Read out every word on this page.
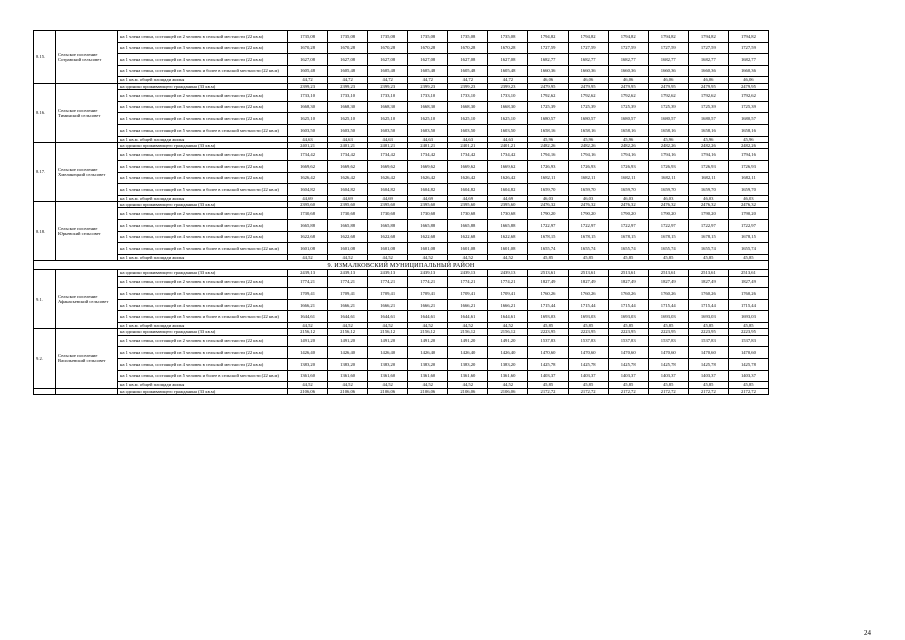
8.15.	Сельское поселение Сотравский сельсовет	на 1 члена семьи, состоящей из 2 человек в сельской местности (22 кв.м)	1735,08	1735,08	1735,08	1735,08	1735,08	1735,08	1794,82	1794,82	1794,82	1794,82	1794,82	1794,82
		на 1 члена семьи, состоящей из 3 человек в сельской местности (22 кв.м)	1670,28	1670,28	1670,28	1670,28	1670,28	1670,28	1727,59	1727,59	1727,59	1727,59	1727,59	1727,59
		на 1 члена семьи, состоящей из 4 человек в сельской местности (22 кв.м)	1627,08	1627,08	1627,08	1627,08	1627,08	1627,08	1682,77	1682,77	1682,77	1682,77	1682,77	1682,77
		на 1 члена семьи, состоящей из 5 человек и более в сельской местности (22 кв.м)	1605,48	1605,48	1605,48	1605,48	1605,48	1605,48	1660,36	1660,36	1660,36	1660,36	1660,36	1660,36
		на 1 кв.м. общей площади жилья	44,72	44,72	44,72	44,72	44,72	44,72	46,06	46,06	46,06	46,06	46,06	46,06
8.16.	Сельское поселение Тиминский сельсовет	на одиноко проживающего гражданина (33 кв.м)	2399,23	2399,23	2399,23	2399,23	2399,23	2399,23	2479,95	2479,95	2479,95	2479,95	2479,95	2479,95
		на 1 члена семьи, состоящей из 2 человек в сельской местности (22 кв.м)	1733,10	1733,10	1733,10	1733,10	1733,10	1733,10	1792,62	1792,62	1792,62	1792,62	1792,62	1792,62
		на 1 члена семьи, состоящей из 3 человек в сельской местности (22 кв.м)	1668,30	1668,30	1668,30	1668,30	1668,30	1668,30	1725,39	1725,39	1725,39	1725,39	1725,39	1725,39
		на 1 члена семьи, состоящей из 4 человек в сельской местности (22 кв.м)	1625,10	1625,10	1625,10	1625,10	1625,10	1625,10	1680,57	1680,57	1680,57	1680,57	1680,57	1680,57
		на 1 члена семьи, состоящей из 5 человек и более в сельской местности (22 кв.м)	1603,50	1603,50	1603,50	1603,50	1603,50	1603,50	1658,16	1658,16	1658,16	1658,16	1658,16	1658,16
		на 1 кв.м. общей площади жилья	44,63	44,63	44,63	44,63	44,63	44,63	45,96	45,96	45,96	45,96	45,96	45,96
8.17.	Сельское поселение Хмелинецкий сельсовет	на одиноко проживающего гражданина (33 кв.м)	2401,21	2401,21	2401,21	2401,21	2401,21	2401,21	2482,26	2482,26	2482,26	2482,26	2482,26	2482,26
		на 1 члена семьи, состоящей из 2 человек в сельской местности (22 кв.м)	1734,42	1734,42	1734,42	1734,42	1734,42	1734,42	1794,16	1794,16	1794,16	1794,16	1794,16	1794,16
		на 1 члена семьи, состоящей из 3 человек в сельской местности (22 кв.м)	1669,62	1669,62	1669,62	1669,62	1669,62	1669,62	1726,93	1726,93	1726,93	1726,93	1726,93	1726,93
		на 1 члена семьи, состоящей из 4 человек в сельской местности (22 кв.м)	1626,42	1626,42	1626,42	1626,42	1626,42	1626,42	1682,11	1682,11	1682,11	1682,11	1682,11	1682,11
		на 1 члена семьи, состоящей из 5 человек и более в сельской местности (22 кв.м)	1604,82	1604,82	1604,82	1604,82	1604,82	1604,82	1659,70	1659,70	1659,70	1659,70	1659,70	1659,70
		на 1 кв.м. общей площади жилья	44,69	44,69	44,69	44,69	44,69	44,69	46,03	46,03	46,03	46,03	46,03	46,03
8.18.	Сельское поселение Юрьевский сельсовет	на одиноко проживающего гражданина (33 кв.м)	2395,60	2395,60	2395,60	2395,60	2395,60	2395,60	2476,32	2476,32	2476,32	2476,32	2476,32	2476,32
		на 1 члена семьи, состоящей из 2 человек в сельской местности (22 кв.м)	1730,68	1730,68	1730,68	1730,68	1730,68	1730,68	1790,20	1790,20	1790,20	1790,20	1790,20	1790,20
		на 1 члена семьи, состоящей из 3 человек в сельской местности (22 кв.м)	1665,88	1665,88	1665,88	1665,88	1665,88	1665,88	1722,97	1722,97	1722,97	1722,97	1722,97	1722,97
		на 1 члена семьи, состоящей из 4 человек в сельской местности (22 кв.м)	1622,68	1622,68	1622,68	1622,68	1622,68	1622,68	1678,15	1678,15	1678,15	1678,15	1678,15	1678,15
		на 1 члена семьи, состоящей из 5 человек и более в сельской местности (22 кв.м)	1601,08	1601,08	1601,08	1601,08	1601,08	1601,08	1655,74	1655,74	1655,74	1655,74	1655,74	1655,74
		на 1 кв.м. общей площади жилья	44,52	44,52	44,52	44,52	44,52	44,52	45,85	45,85	45,85	45,85	45,85	45,85
9. ИЗМАЛКОВСКИЙ МУНИЦИПАЛЬНЫЙ РАЙОН														
9.1.	Сельское поселение Афанасьевский сельсовет	на одиноко проживающего гражданина (33 кв.м)	2439,13	2439,13	2439,13	2439,13	2439,13	2439,13	2513,61	2513,61	2513,61	2513,61	2513,61	2513,61
		на 1 члена семьи, состоящей из 2 человек в сельской местности (22 кв.м)	1774,21	1774,21	1774,21	1774,21	1774,21	1774,21	1827,49	1827,49	1827,49	1827,49	1827,49	1827,49
		на 1 члена семьи, состоящей из 3 человек в сельской местности (22 кв.м)	1709,41	1709,41	1709,41	1709,41	1709,41	1709,41	1760,26	1760,26	1760,26	1760,26	1760,26	1760,26
		на 1 члена семьи, состоящей из 4 человек в сельской местности (22 кв.м)	1666,21	1666,21	1666,21	1666,21	1666,21	1666,21	1715,44	1715,44	1715,44	1715,44	1715,44	1715,44
		на 1 члена семьи, состоящей из 5 человек и более в сельской местности (22 кв.м)	1644,61	1644,61	1644,61	1644,61	1644,61	1644,61	1693,03	1693,03	1693,03	1693,03	1693,03	1693,03
		на 1 кв.м. общей площади жилья	44,52	44,52	44,52	44,52	44,52	44,52	45,85	45,85	45,85	45,85	45,85	45,85
9.2.	Сельское поселение Васильевский сельсовет	на одиноко проживающего гражданина (33 кв.м)	2156,12	2156,12	2156,12	2156,12	2156,12	2156,12	2223,95	2223,95	2223,95	2223,95	2223,95	2223,95
		на 1 члена семьи, состоящей из 2 человек в сельской местности (22 кв.м)	1491,20	1491,20	1491,20	1491,20	1491,20	1491,20	1537,83	1537,83	1537,83	1537,83	1537,83	1537,83
		на 1 члена семьи, состоящей из 3 человек в сельской местности (22 кв.м)	1426,40	1426,40	1426,40	1426,40	1426,40	1426,40	1470,60	1470,60	1470,60	1470,60	1470,60	1470,60
		на 1 члена семьи, состоящей из 4 человек в сельской местности (22 кв.м)	1383,20	1383,20	1383,20	1383,20	1383,20	1383,20	1425,78	1425,78	1425,78	1425,78	1425,78	1425,78
		на 1 члена семьи, состоящей из 5 человек и более в сельской местности (22 кв.м)	1361,60	1361,60	1361,60	1361,60	1361,60	1361,60	1403,37	1403,37	1403,37	1403,37	1403,37	1403,37
		на 1 кв.м. общей площади жилья	44,52	44,52	44,52	44,52	44,52	44,52	45,85	45,85	45,85	45,85	45,85	45,85
		на одиноко проживающего гражданина (33 кв.м)	2106,06	2106,06	2106,06	2106,06	2106,06	2106,06	2172,72	2172,72	2172,72	2172,72	2172,72	2172,72
24
